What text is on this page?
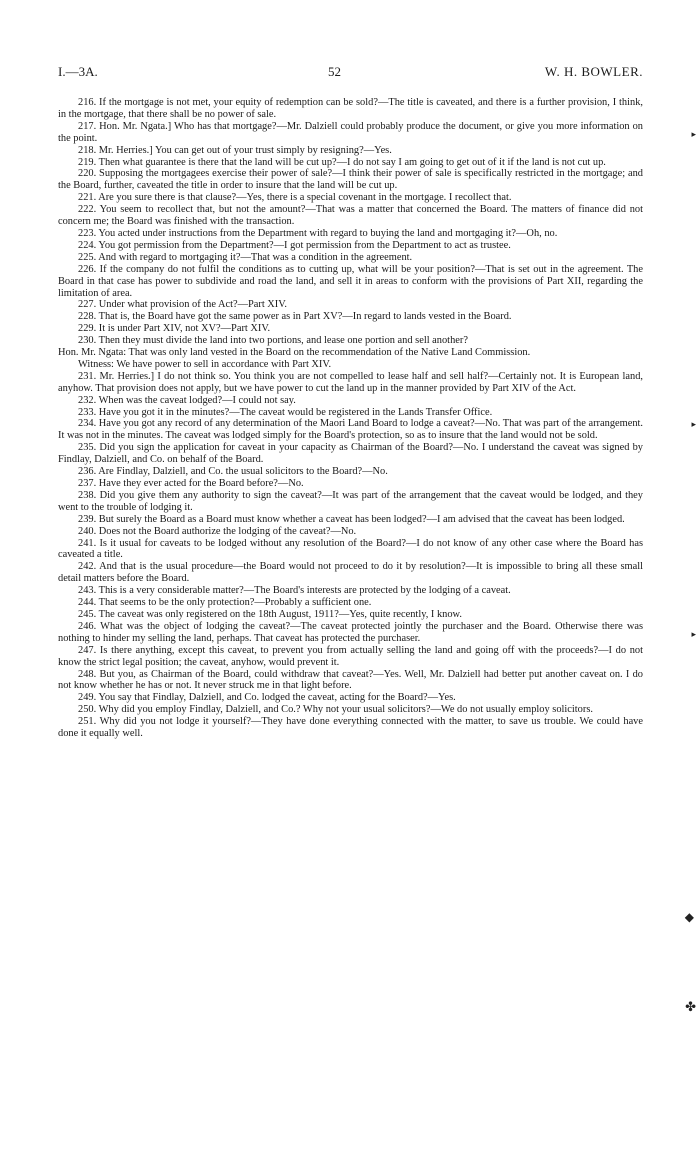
I.—3A.	52	W. H. BOWLER.

216. If the mortgage is not met, your equity of redemption can be sold?—The title is caveated, and there is a further provision, I think, in the mortgage, that there shall be no power of sale.

217. Hon. Mr. Ngata.] Who has that mortgage?—Mr. Dalziell could probably produce the document, or give you more information on the point.

218. Mr. Herries.] You can get out of your trust simply by resigning?—Yes.

219. Then what guarantee is there that the land will be cut up?—I do not say I am going to get out of it if the land is not cut up.

220. Supposing the mortgagees exercise their power of sale?—I think their power of sale is specifically restricted in the mortgage; and the Board, further, caveated the title in order to insure that the land will be cut up.

221. Are you sure there is that clause?—Yes, there is a special covenant in the mortgage. I recollect that.

222. You seem to recollect that, but not the amount?—That was a matter that concerned the Board. The matters of finance did not concern me; the Board was finished with the transaction.

223. You acted under instructions from the Department with regard to buying the land and mortgaging it?—Oh, no.

224. You got permission from the Department?—I got permission from the Department to act as trustee.

225. And with regard to mortgaging it?—That was a condition in the agreement.

226. If the company do not fulfil the conditions as to cutting up, what will be your position?—That is set out in the agreement. The Board in that case has power to subdivide and road the land, and sell it in areas to conform with the provisions of Part XII, regarding the limitation of area.

227. Under what provision of the Act?—Part XIV.

228. That is, the Board have got the same power as in Part XV?—In regard to lands vested in the Board.

229. It is under Part XIV, not XV?—Part XIV.

230. Then they must divide the land into two portions, and lease one portion and sell another?

Hon. Mr. Ngata: That was only land vested in the Board on the recommendation of the Native Land Commission.

Witness: We have power to sell in accordance with Part XIV.

231. Mr. Herries.] I do not think so. You think you are not compelled to lease half and sell half?—Certainly not. It is European land, anyhow. That provision does not apply, but we have power to cut the land up in the manner provided by Part XIV of the Act.

232. When was the caveat lodged?—I could not say.

233. Have you got it in the minutes?—The caveat would be registered in the Lands Transfer Office.

234. Have you got any record of any determination of the Maori Land Board to lodge a caveat?—No. That was part of the arrangement. It was not in the minutes. The caveat was lodged simply for the Board's protection, so as to insure that the land would not be sold.

235. Did you sign the application for caveat in your capacity as Chairman of the Board?—No. I understand the caveat was signed by Findlay, Dalziell, and Co. on behalf of the Board.

236. Are Findlay, Dalziell, and Co. the usual solicitors to the Board?—No.

237. Have they ever acted for the Board before?—No.

238. Did you give them any authority to sign the caveat?—It was part of the arrangement that the caveat would be lodged, and they went to the trouble of lodging it.

239. But surely the Board as a Board must know whether a caveat has been lodged?—I am advised that the caveat has been lodged.

240. Does not the Board authorize the lodging of the caveat?—No.

241. Is it usual for caveats to be lodged without any resolution of the Board?—I do not know of any other case where the Board has caveated a title.

242. And that is the usual procedure—the Board would not proceed to do it by resolution?—It is impossible to bring all these small detail matters before the Board.

243. This is a very considerable matter?—The Board's interests are protected by the lodging of a caveat.

244. That seems to be the only protection?—Probably a sufficient one.

245. The caveat was only registered on the 18th August, 1911?—Yes, quite recently, I know.

246. What was the object of lodging the caveat?—The caveat protected jointly the purchaser and the Board. Otherwise there was nothing to hinder my selling the land, perhaps. That caveat has protected the purchaser.

247. Is there anything, except this caveat, to prevent you from actually selling the land and going off with the proceeds?—I do not know the strict legal position; the caveat, anyhow, would prevent it.

248. But you, as Chairman of the Board, could withdraw that caveat?—Yes. Well, Mr. Dalziell had better put another caveat on. I do not know whether he has or not. It never struck me in that light before.

249. You say that Findlay, Dalziell, and Co. lodged the caveat, acting for the Board?—Yes.

250. Why did you employ Findlay, Dalziell, and Co.? Why not your usual solicitors?—We do not usually employ solicitors.

251. Why did you not lodge it yourself?—They have done everything connected with the matter, to save us trouble. We could have done it equally well.

▸
▸
▸
◆
✤
